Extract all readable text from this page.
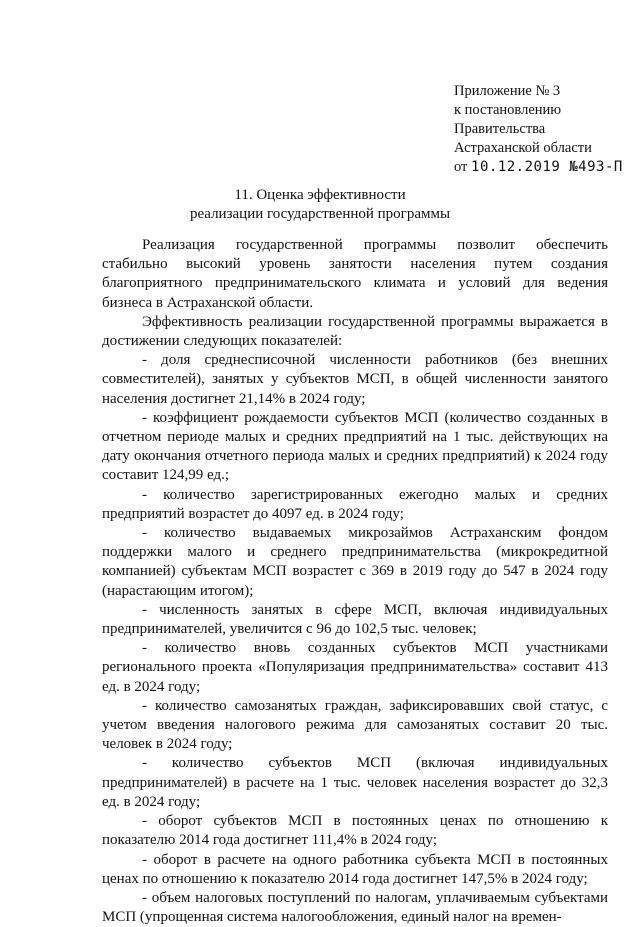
Приложение № 3
к постановлению
Правительства
Астраханской области
от 10.12.2019 №493-П
11. Оценка эффективности
реализации государственной программы

Реализация государственной программы позволит обеспечить стабильно высокий уровень занятости населения путем создания благоприятного предпринимательского климата и условий для ведения бизнеса в Астраханской области.

Эффективность реализации государственной программы выражается в достижении следующих показателей:

- доля среднесписочной численности работников (без внешних совместителей), занятых у субъектов МСП, в общей численности занятого населения достигнет 21,14% в 2024 году;

- коэффициент рождаемости субъектов МСП (количество созданных в отчетном периоде малых и средних предприятий на 1 тыс. действующих на дату окончания отчетного периода малых и средних предприятий) к 2024 году составит 124,99 ед.;

- количество зарегистрированных ежегодно малых и средних предприятий возрастет до 4097 ед. в 2024 году;

- количество выдаваемых микрозаймов Астраханским фондом поддержки малого и среднего предпринимательства (микрокредитной компанией) субъектам МСП возрастет с 369 в 2019 году до 547 в 2024 году (нарастающим итогом);

- численность занятых в сфере МСП, включая индивидуальных предпринимателей, увеличится с 96 до 102,5 тыс. человек;

- количество вновь созданных субъектов МСП участниками регионального проекта «Популяризация предпринимательства» составит 413 ед. в 2024 году;

- количество самозанятых граждан, зафиксировавших свой статус, с учетом введения налогового режима для самозанятых составит 20 тыс. человек в 2024 году;

- количество субъектов МСП (включая индивидуальных предпринимателей) в расчете на 1 тыс. человек населения возрастет до 32,3 ед. в 2024 году;

- оборот субъектов МСП в постоянных ценах по отношению к показателю 2014 года достигнет 111,4% в 2024 году;

- оборот в расчете на одного работника субъекта МСП в постоянных ценах по отношению к показателю 2014 года достигнет 147,5% в 2024 году;

- объем налоговых поступлений по налогам, уплачиваемым субъектами МСП (упрощенная система налогообложения, единый налог на времен-
